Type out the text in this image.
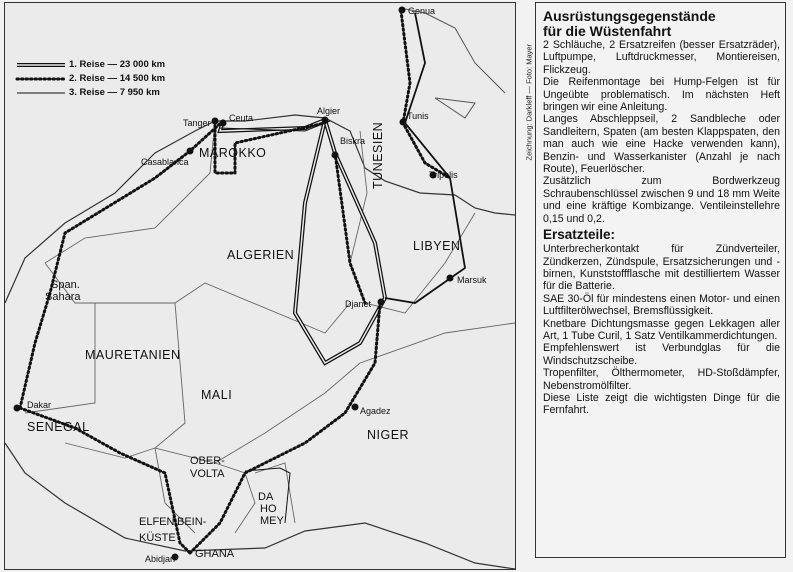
1. Reise — 23 000 km
2. Reise — 14 500 km
3. Reise — 7 950 km
MAROKKO
ALGERIEN
TUNESIEN
LIBYEN
Span.
Sahara
MAURETANIEN
MALI
NIGER
SENEGAL
OBER-
VOLTA
DA
HO
MEY
ELFEN BEIN-
KÜSTE
GHANA
Genua
Tanger Ceuta
Casablanca
Algier
Biskra
Tunis
Tripolis
Marsuk
Djanet
Agadez
Dakar
Abidjan
Zeichnung: Darkleff — Foto: Mayer
Ausrüstungsgegenstände
für die Wüstenfahrt

2 Schläuche, 2 Ersatzreifen (besser Ersatzräder), Luftpumpe, Luftdruckmesser, Montiereisen, Flickzeug.

Die Reifenmontage bei Hump-Felgen ist für Ungeübte problematisch. Im nächsten Heft bringen wir eine Anleitung.

Langes Abschleppseil, 2 Sandbleche oder Sandleitern, Spaten (am besten Klappspaten, den man auch wie eine Hacke verwenden kann), Benzin- und Wasserkanister (Anzahl je nach Route), Feuerlöscher.

Zusätzlich zum Bordwerkzeug Schraubenschlüssel zwischen 9 und 18 mm Weite und eine kräftige Kombizange. Ventileinstellehre 0,15 und 0,2.

Ersatzteile:

Unterbrecherkontakt für Zündverteiler, Zündkerzen, Zündspule, Ersatzsicherungen und -birnen, Kunststoffflasche mit destilliertem Wasser für die Batterie.

SAE 30-Öl für mindestens einen Motor- und einen Luftfilterölwechsel, Bremsflüssigkeit.

Knetbare Dichtungsmasse gegen Lekkagen aller Art, 1 Tube Curil, 1 Satz Ventilkammerdichtungen.

Empfehlenswert ist Verbundglas für die Windschutzscheibe.

Tropenfilter, Ölthermometer, HD-Stoßdämpfer, Nebenstromölfilter.

Diese Liste zeigt die wichtigsten Dinge für die Fernfahrt.
